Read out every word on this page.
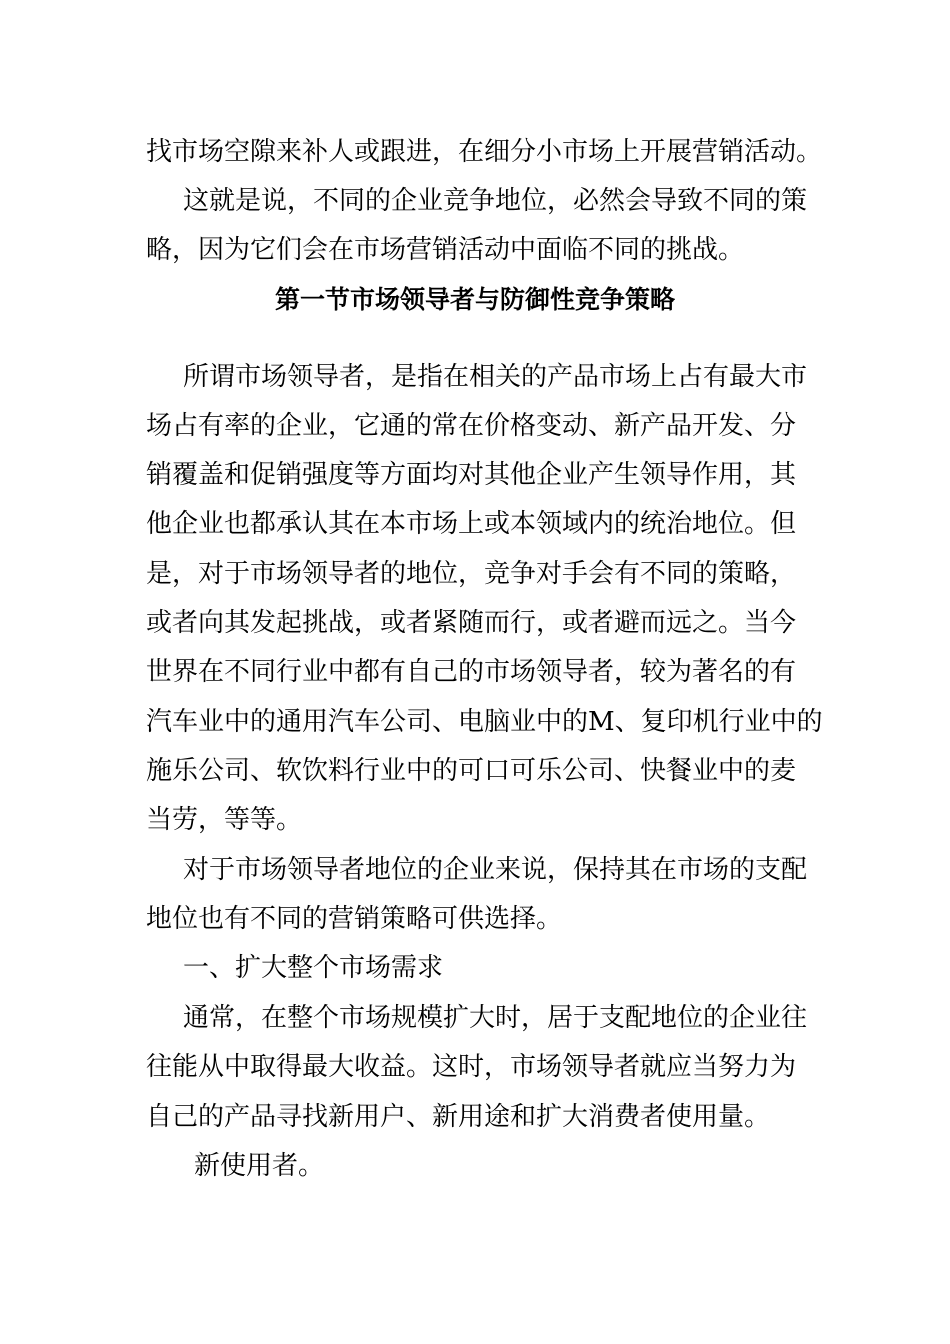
找市场空隙来补人或跟进，在细分小市场上开展营销活动。

这就是说，不同的企业竞争地位，必然会导致不同的策

略，因为它们会在市场营销活动中面临不同的挑战。

第一节市场领导者与防御性竞争策略

所谓市场领导者，是指在相关的产品市场上占有最大市

场占有率的企业，它通的常在价格变动、新产品开发、分

销覆盖和促销强度等方面均对其他企业产生领导作用，其

他企业也都承认其在本市场上或本领域内的统治地位。但

是，对于市场领导者的地位，竞争对手会有不同的策略，

或者向其发起挑战，或者紧随而行，或者避而远之。当今

世界在不同行业中都有自己的市场领导者，较为著名的有

汽车业中的通用汽车公司、电脑业中的M、复印机行业中的

施乐公司、软饮料行业中的可口可乐公司、快餐业中的麦

当劳，等等。

对于市场领导者地位的企业来说，保持其在市场的支配

地位也有不同的营销策略可供选择。

一、扩大整个市场需求

通常，在整个市场规模扩大时，居于支配地位的企业往

往能从中取得最大收益。这时，市场领导者就应当努力为

自己的产品寻找新用户、新用途和扩大消费者使用量。

新使用者。
